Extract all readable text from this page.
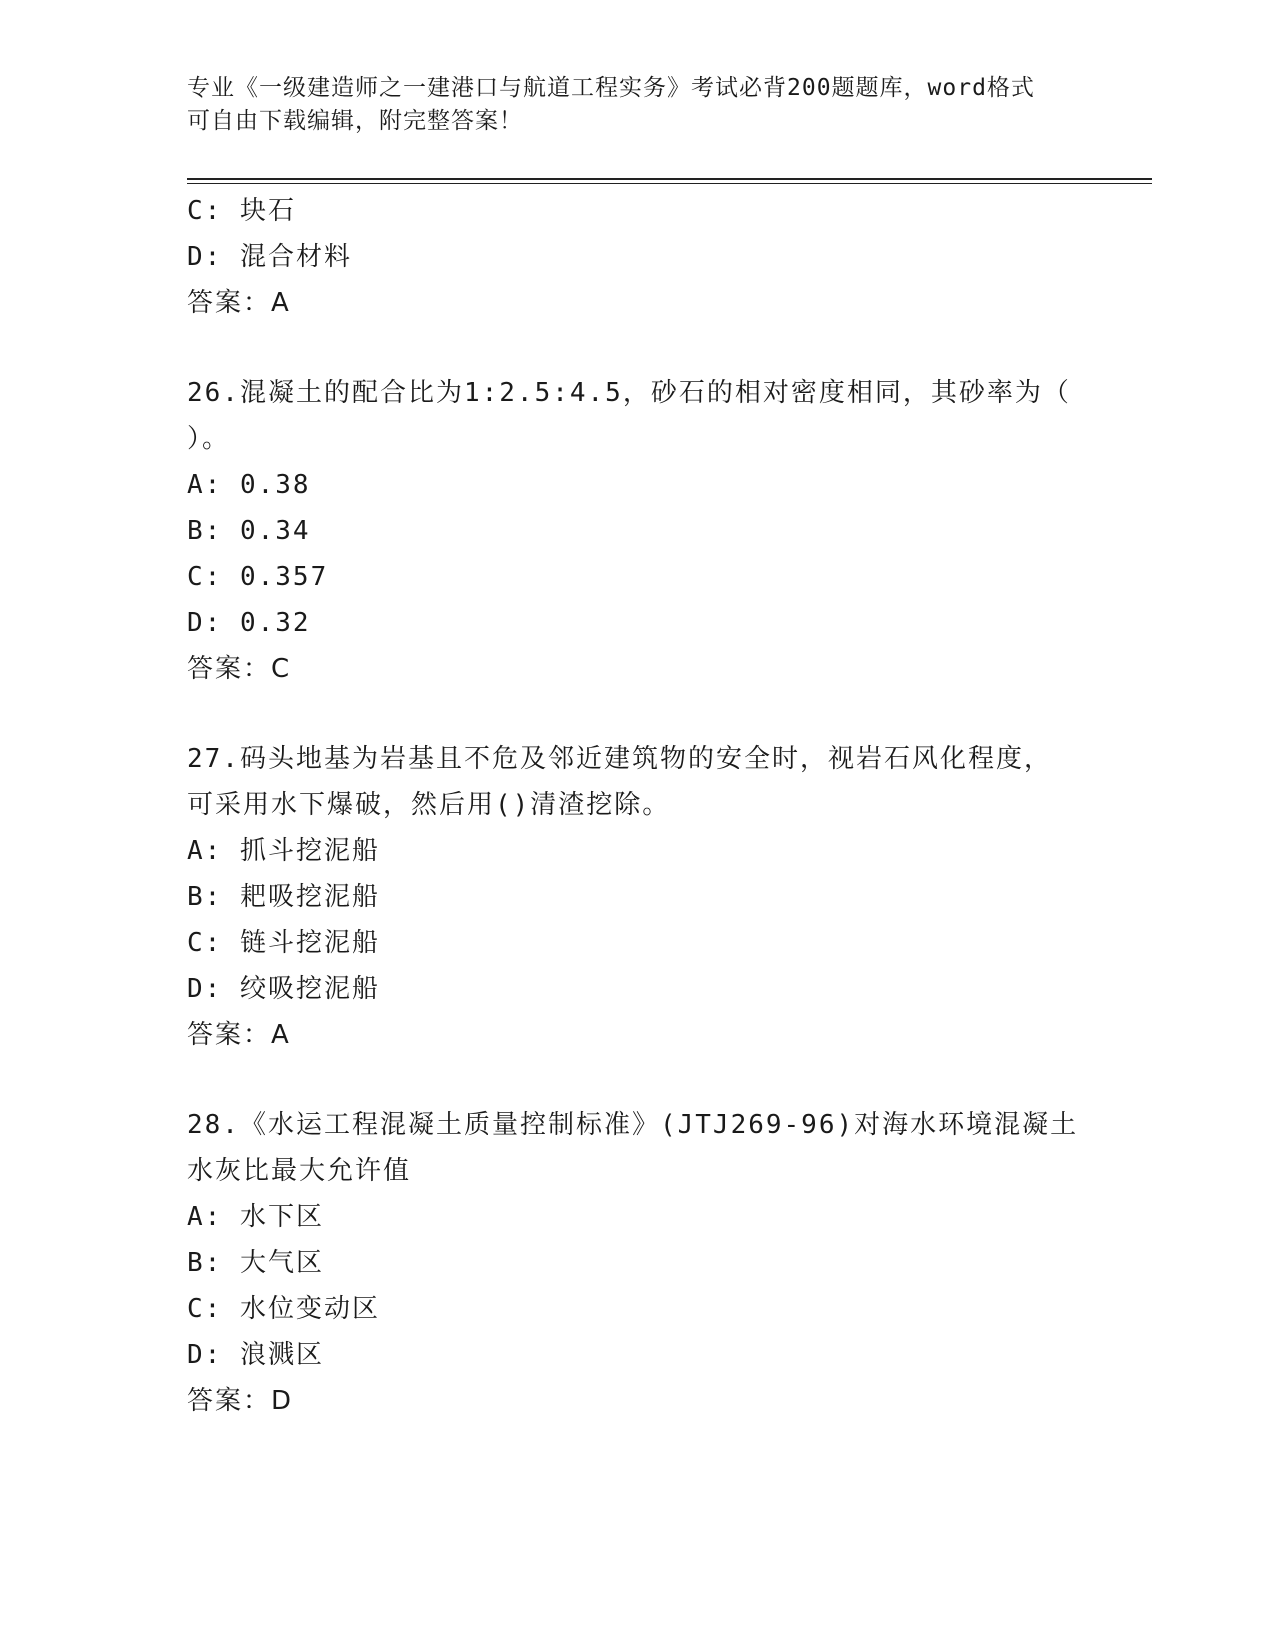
专业《一级建造师之一建港口与航道工程实务》考试必背200题题库，word格式
可自由下载编辑，附完整答案！
C: 块石
D: 混合材料
答案：A
26.混凝土的配合比为1:2.5:4.5，砂石的相对密度相同，其砂率为（
）。
A: 0.38
B: 0.34
C: 0.357
D: 0.32
答案：C
27.码头地基为岩基且不危及邻近建筑物的安全时，视岩石风化程度，
可采用水下爆破，然后用()清渣挖除。
A: 抓斗挖泥船
B: 耙吸挖泥船
C: 链斗挖泥船
D: 绞吸挖泥船
答案：A
28.《水运工程混凝土质量控制标准》(JTJ269-96)对海水环境混凝土
水灰比最大允许值
A: 水下区
B: 大气区
C: 水位变动区
D: 浪溅区
答案：D
